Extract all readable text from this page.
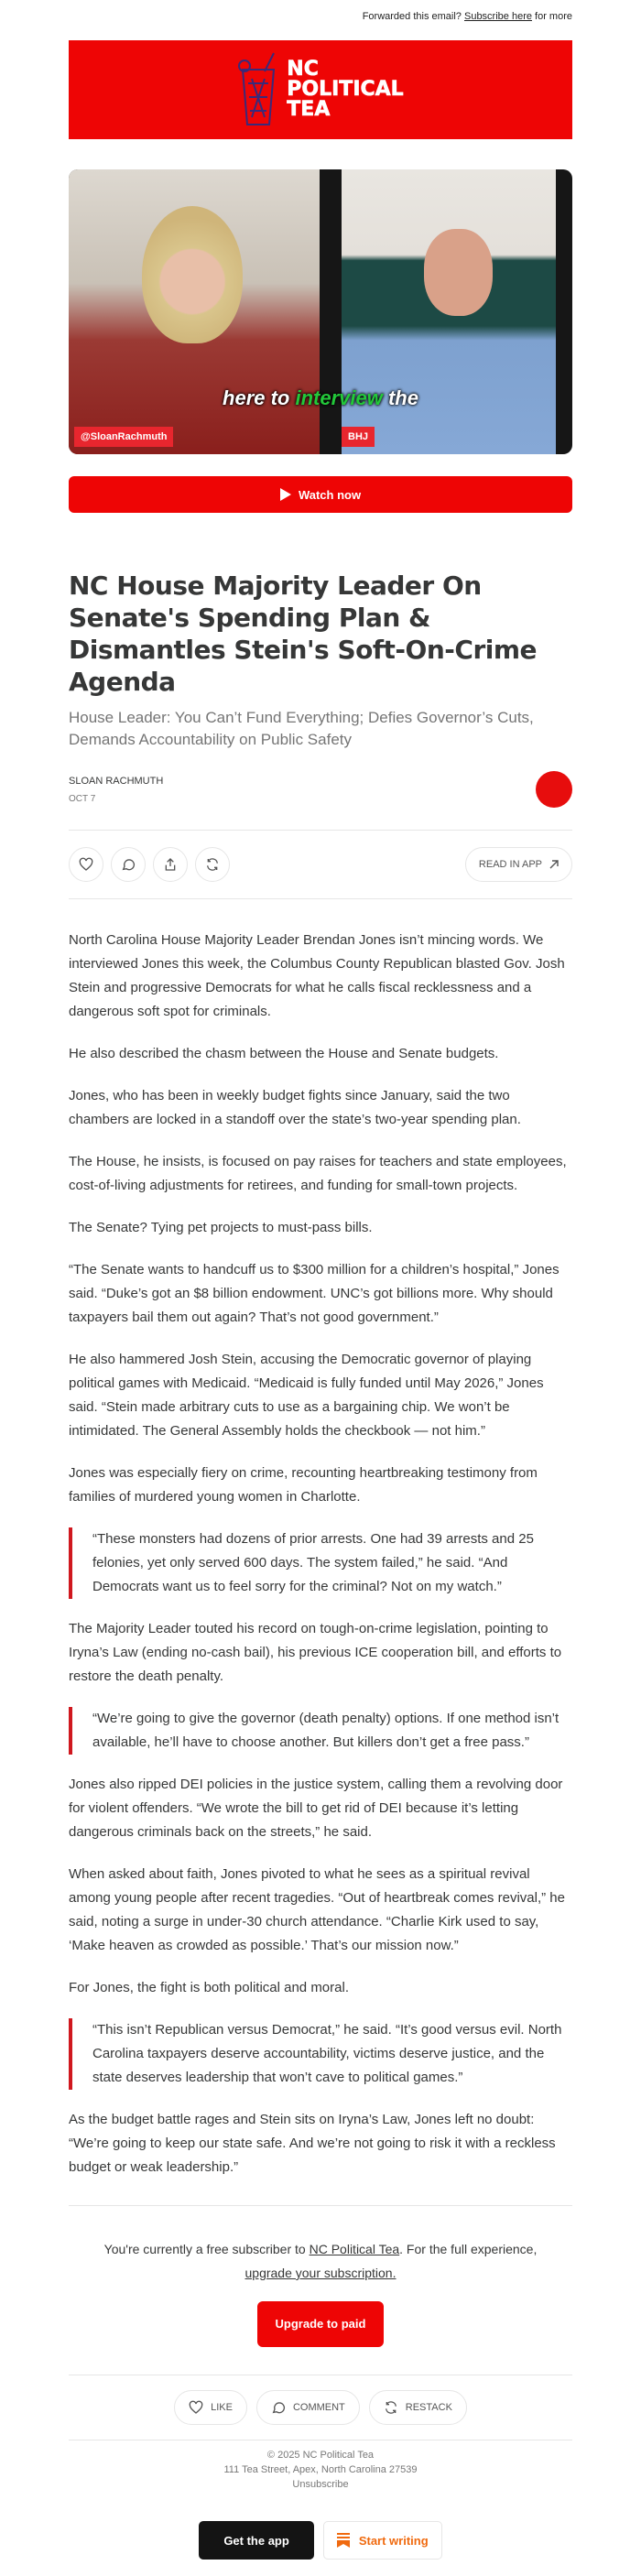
Forwarded this email? Subscribe here for more
NC
POLITICAL
TEA
@SloanRachmuth	BHJ
here to interview the
Watch now
NC House Majority Leader On Senate's Spending Plan & Dismantles Stein's Soft-On-Crime Agenda
House Leader: You Can’t Fund Everything; Defies Governor’s Cuts, Demands Accountability on Public Safety
SLOAN RACHMUTH
OCT 7
READ IN APP

North Carolina House Majority Leader Brendan Jones isn’t mincing words. We interviewed Jones this week, the Columbus County Republican blasted Gov. Josh Stein and progressive Democrats for what he calls fiscal recklessness and a dangerous soft spot for criminals.

He also described the chasm between the House and Senate budgets.

Jones, who has been in weekly budget fights since January, said the two chambers are locked in a standoff over the state’s two-year spending plan.

The House, he insists, is focused on pay raises for teachers and state employees, cost-of-living adjustments for retirees, and funding for small-town projects.

The Senate? Tying pet projects to must-pass bills.

“The Senate wants to handcuff us to $300 million for a children’s hospital,” Jones said. “Duke’s got an $8 billion endowment. UNC’s got billions more. Why should taxpayers bail them out again? That’s not good government.”

He also hammered Josh Stein, accusing the Democratic governor of playing political games with Medicaid. “Medicaid is fully funded until May 2026,” Jones said. “Stein made arbitrary cuts to use as a bargaining chip. We won’t be intimidated. The General Assembly holds the checkbook — not him.”

Jones was especially fiery on crime, recounting heartbreaking testimony from families of murdered young women in Charlotte.

“These monsters had dozens of prior arrests. One had 39 arrests and 25 felonies, yet only served 600 days. The system failed,” he said. “And Democrats want us to feel sorry for the criminal? Not on my watch.”

The Majority Leader touted his record on tough-on-crime legislation, pointing to Iryna’s Law (ending no-cash bail), his previous ICE cooperation bill, and efforts to restore the death penalty.

“We’re going to give the governor (death penalty) options. If one method isn’t available, he’ll have to choose another. But killers don’t get a free pass.”

Jones also ripped DEI policies in the justice system, calling them a revolving door for violent offenders. “We wrote the bill to get rid of DEI because it’s letting dangerous criminals back on the streets,” he said.

When asked about faith, Jones pivoted to what he sees as a spiritual revival among young people after recent tragedies. “Out of heartbreak comes revival,” he said, noting a surge in under-30 church attendance. “Charlie Kirk used to say, ‘Make heaven as crowded as possible.’ That’s our mission now.”

For Jones, the fight is both political and moral.

“This isn’t Republican versus Democrat,” he said. “It’s good versus evil. North Carolina taxpayers deserve accountability, victims deserve justice, and the state deserves leadership that won’t cave to political games.”

As the budget battle rages and Stein sits on Iryna’s Law, Jones left no doubt: “We’re going to keep our state safe. And we’re not going to risk it with a reckless budget or weak leadership.”

You're currently a free subscriber to NC Political Tea. For the full experience, upgrade your subscription.
Upgrade to paid
LIKE	COMMENT	RESTACK
© 2025 NC Political Tea
111 Tea Street, Apex, North Carolina 27539
Unsubscribe
Get the app	Start writing
